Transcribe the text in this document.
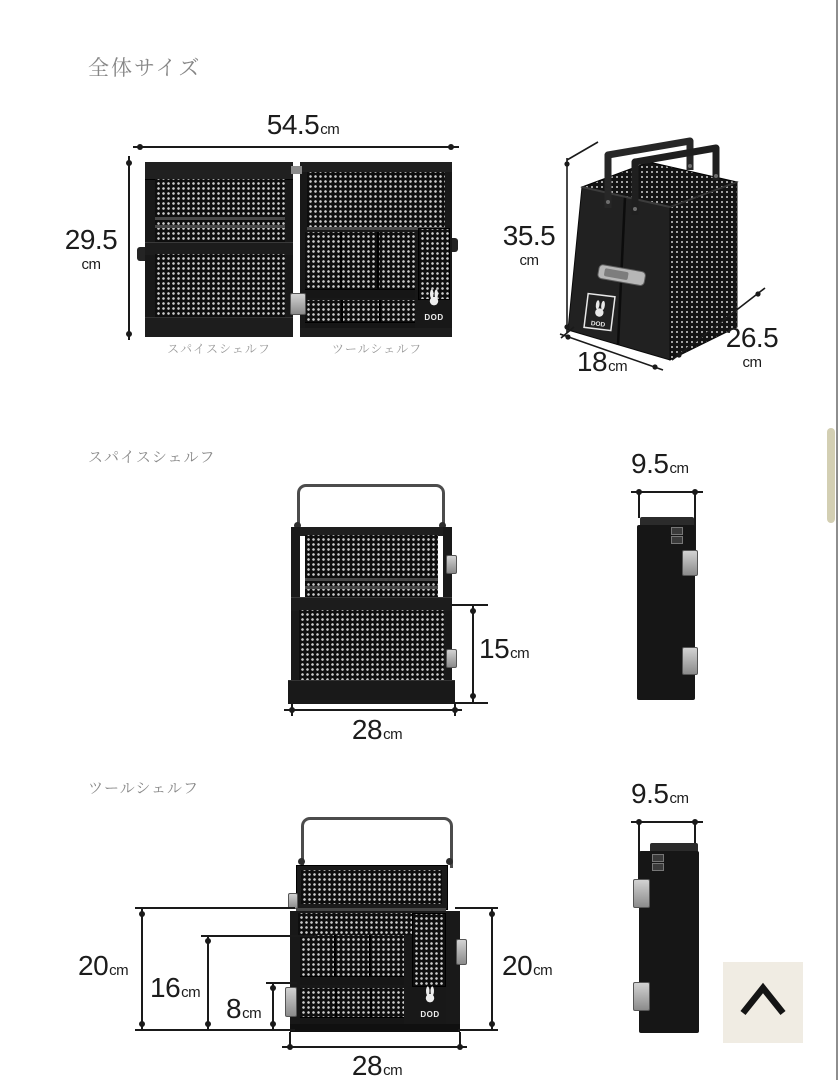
全体サイズ
54.5cm
29.5
cm
DOD
スパイスシェルフ	ツールシェルフ
DOD
35.5
cm
18cm
26.5
cm
スパイスシェルフ
15cm
28cm
9.5cm
ツールシェルフ
DOD
20cm
16cm
8cm
20cm
28cm
9.5cm
